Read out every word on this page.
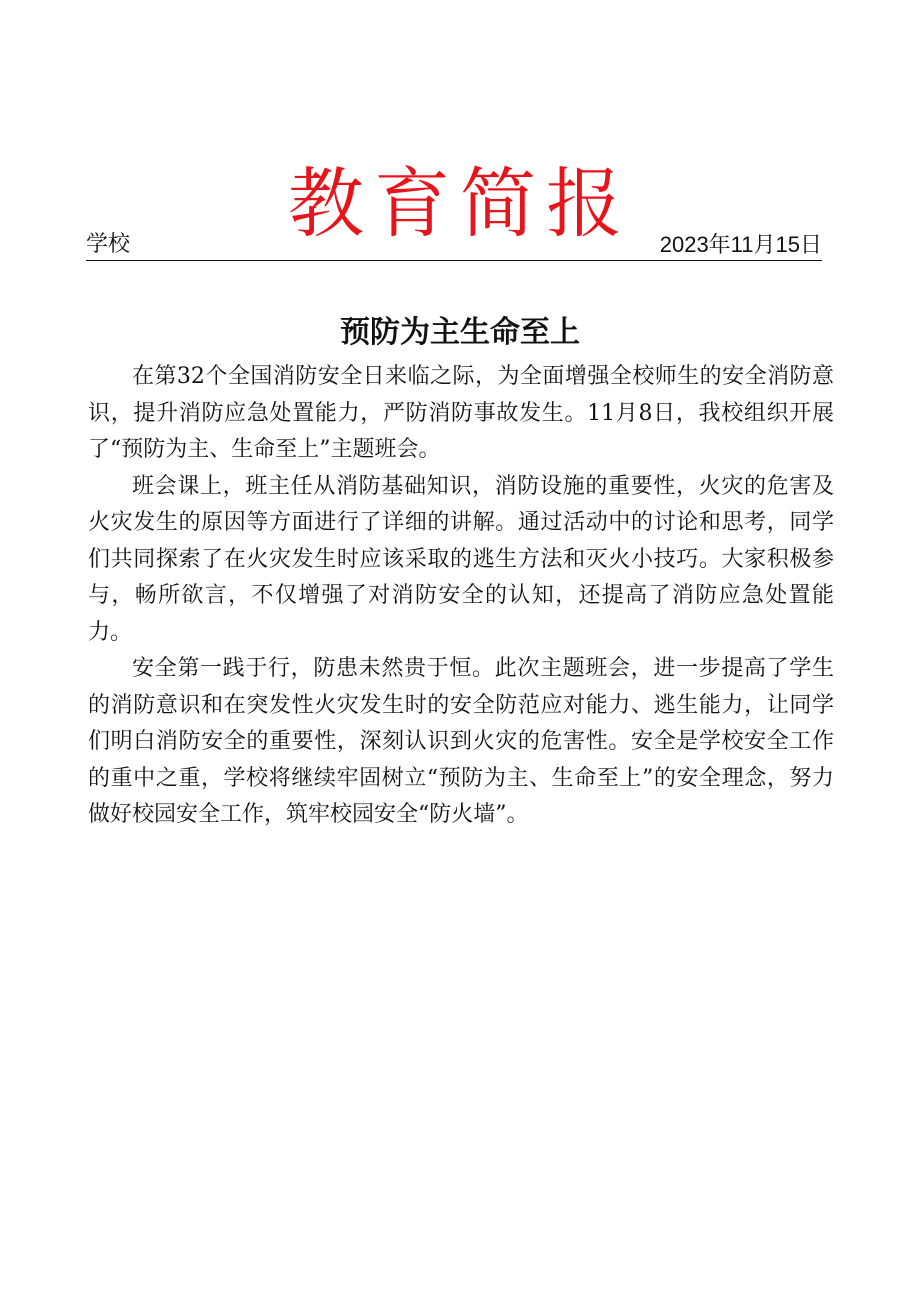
教育简报
学校	2023年11月15日
预防为主生命至上

在第32个全国消防安全日来临之际，为全面增强全校师生的安全消防意识，提升消防应急处置能力，严防消防事故发生。11月8日，我校组织开展了“预防为主、生命至上”主题班会。

班会课上，班主任从消防基础知识，消防设施的重要性，火灾的危害及火灾发生的原因等方面进行了详细的讲解。通过活动中的讨论和思考，同学们共同探索了在火灾发生时应该采取的逃生方法和灭火小技巧。大家积极参与，畅所欲言，不仅增强了对消防安全的认知，还提高了消防应急处置能力。

安全第一践于行，防患未然贵于恒。此次主题班会，进一步提高了学生的消防意识和在突发性火灾发生时的安全防范应对能力、逃生能力，让同学们明白消防安全的重要性，深刻认识到火灾的危害性。安全是学校安全工作的重中之重，学校将继续牢固树立“预防为主、生命至上”的安全理念，努力做好校园安全工作，筑牢校园安全“防火墙”。
